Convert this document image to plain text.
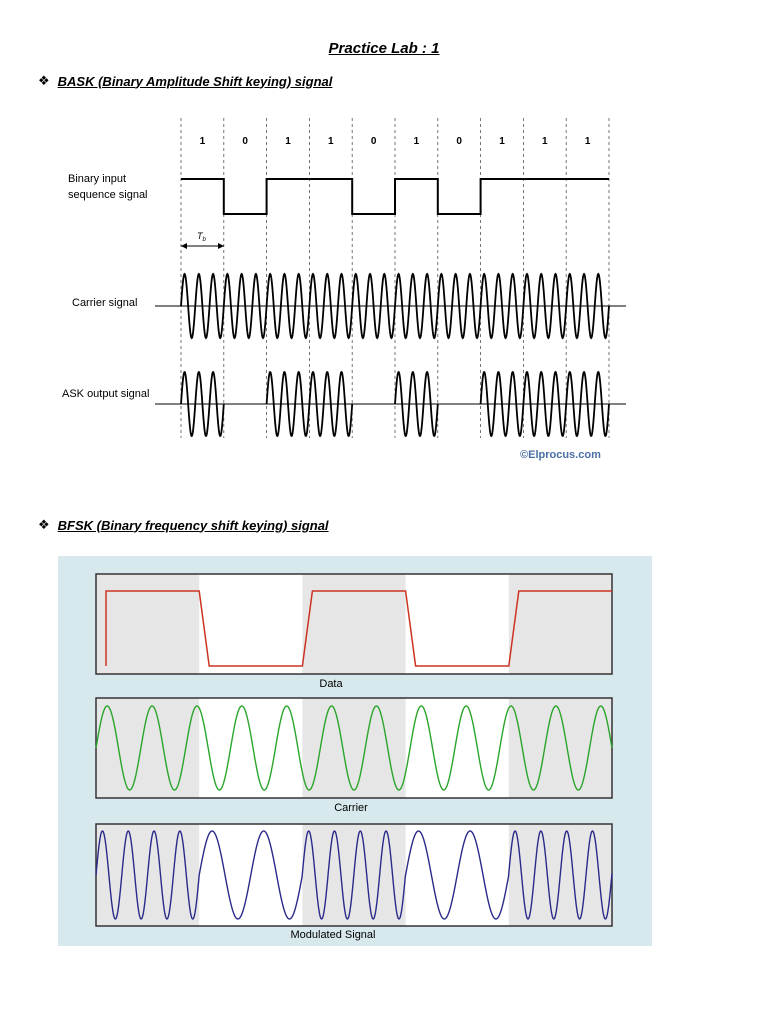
Practice Lab : 1
❖ BASK (Binary Amplitude Shift keying) signal
1	0	1	1	0	1	0	1	1	1
Binary input
sequence signal
$T_b$
Carrier signal
ASK output signal
©Elprocus.com
❖ BFSK (Binary frequency shift keying) signal
Data
Carrier
Modulated Signal
